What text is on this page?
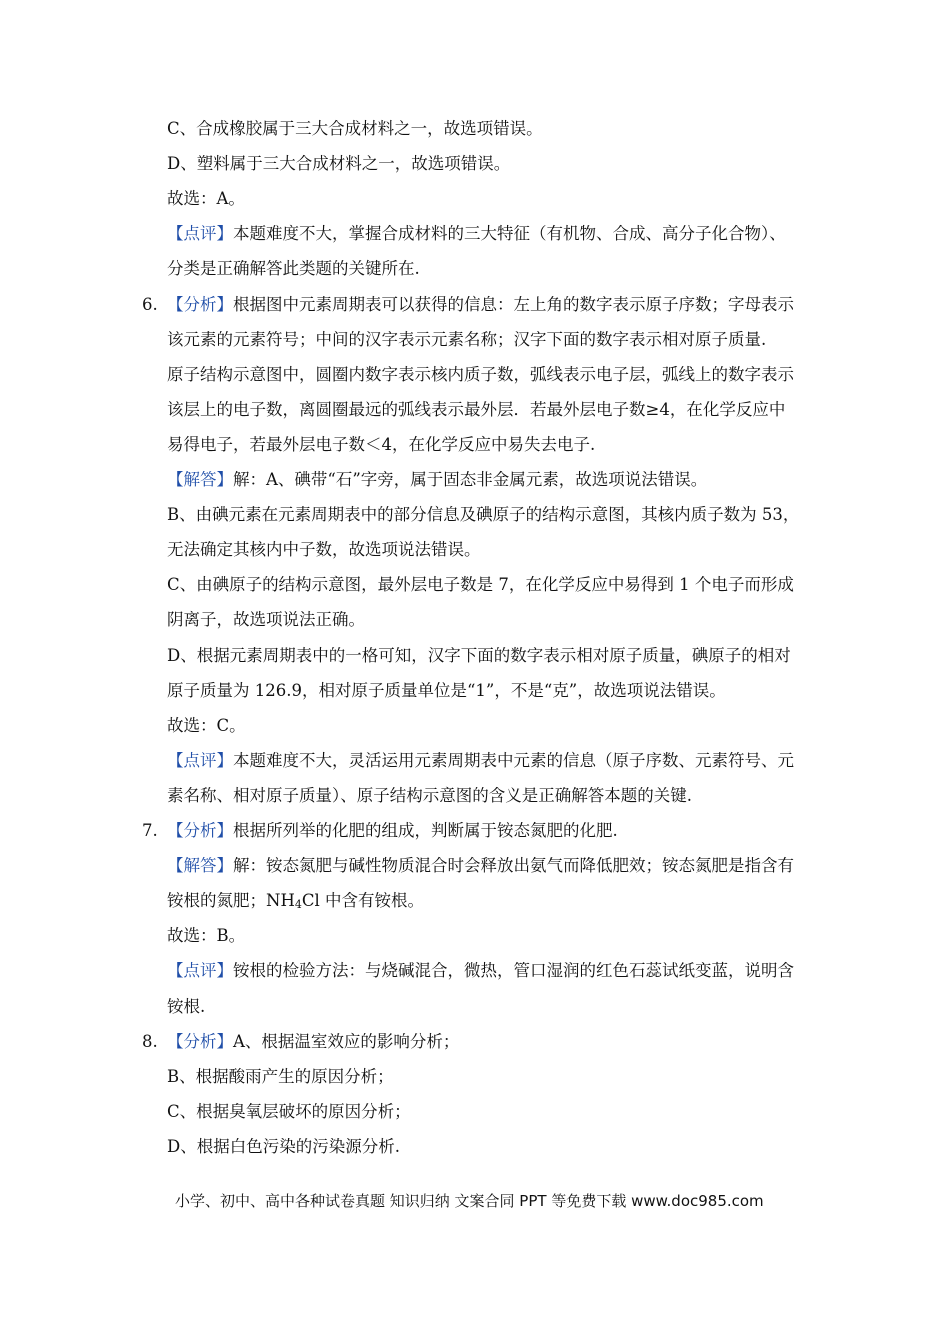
C、合成橡胶属于三大合成材料之一，故选项错误。
D、塑料属于三大合成材料之一，故选项错误。
故选：A。
【点评】本题难度不大，掌握合成材料的三大特征（有机物、合成、高分子化合物）、
分类是正确解答此类题的关键所在.
6. 【分析】根据图中元素周期表可以获得的信息：左上角的数字表示原子序数；字母表示
该元素的元素符号；中间的汉字表示元素名称；汉字下面的数字表示相对原子质量.
原子结构示意图中，圆圈内数字表示核内质子数，弧线表示电子层，弧线上的数字表示
该层上的电子数，离圆圈最远的弧线表示最外层．若最外层电子数≥4，在化学反应中
易得电子，若最外层电子数＜4，在化学反应中易失去电子.
【解答】解：A、碘带“石”字旁，属于固态非金属元素，故选项说法错误。
B、由碘元素在元素周期表中的部分信息及碘原子的结构示意图，其核内质子数为 53，
无法确定其核内中子数，故选项说法错误。
C、由碘原子的结构示意图，最外层电子数是 7，在化学反应中易得到 1 个电子而形成
阴离子，故选项说法正确。
D、根据元素周期表中的一格可知，汉字下面的数字表示相对原子质量，碘原子的相对
原子质量为 126.9，相对原子质量单位是“1”，不是“克”，故选项说法错误。
故选：C。
【点评】本题难度不大，灵活运用元素周期表中元素的信息（原子序数、元素符号、元
素名称、相对原子质量）、原子结构示意图的含义是正确解答本题的关键.
7. 【分析】根据所列举的化肥的组成，判断属于铵态氮肥的化肥.
【解答】解：铵态氮肥与碱性物质混合时会释放出氨气而降低肥效；铵态氮肥是指含有
铵根的氮肥；$NH_4Cl$ 中含有铵根。
故选：B。
【点评】铵根的检验方法：与烧碱混合，微热，管口湿润的红色石蕊试纸变蓝，说明含
铵根.
8. 【分析】A、根据温室效应的影响分析；
B、根据酸雨产生的原因分析；
C、根据臭氧层破坏的原因分析；
D、根据白色污染的污染源分析.
小学、初中、高中各种试卷真题 知识归纳 文案合同 PPT 等免费下载 www.doc985.com
